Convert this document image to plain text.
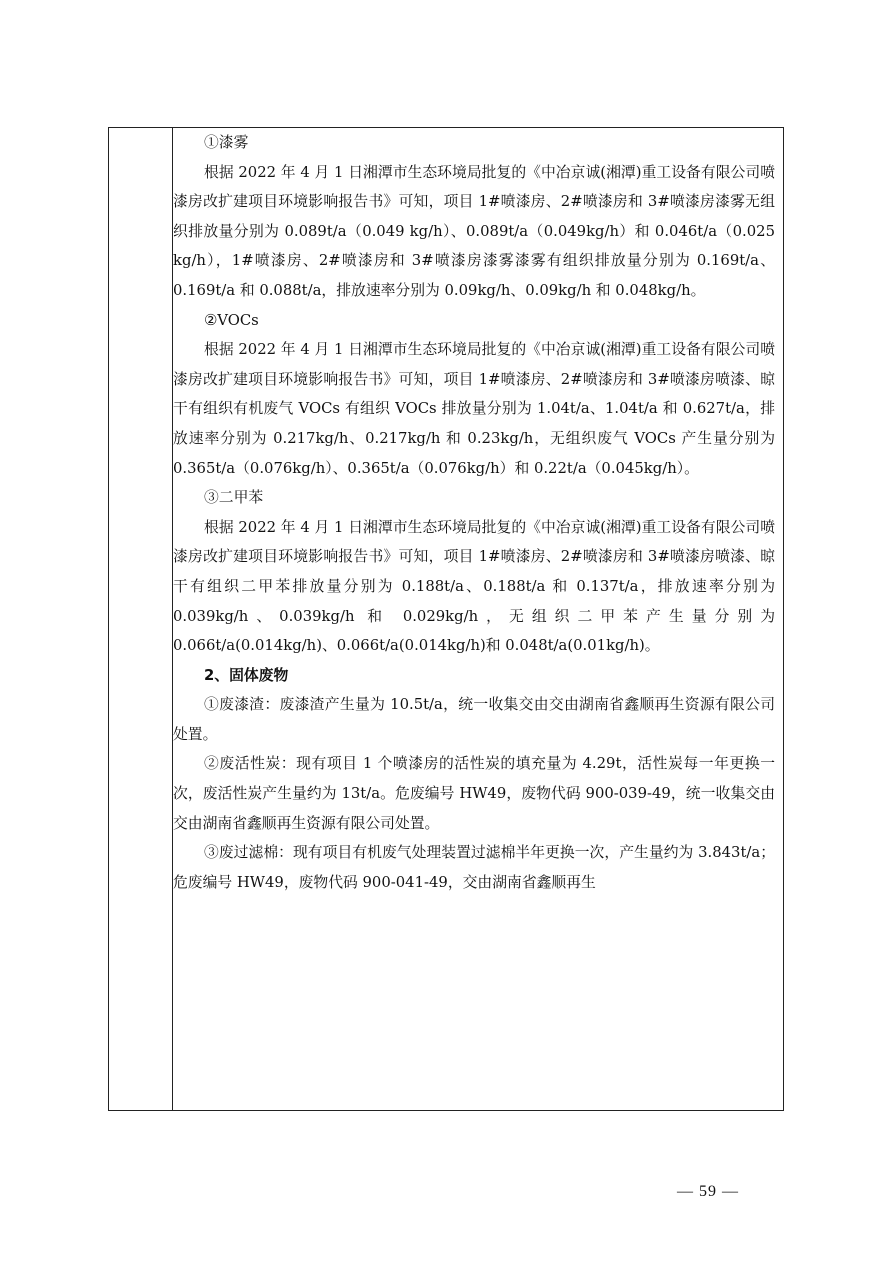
①漆雾

根据 2022 年 4 月 1 日湘潭市生态环境局批复的《中冶京诚(湘潭)重工设备有限公司喷漆房改扩建项目环境影响报告书》可知，项目 1#喷漆房、2#喷漆房和 3#喷漆房漆雾无组织排放量分别为 0.089t/a（0.049 kg/h）、0.089t/a（0.049kg/h）和 0.046t/a（0.025 kg/h），1#喷漆房、2#喷漆房和 3#喷漆房漆雾漆雾有组织排放量分别为 0.169t/a、0.169t/a 和 0.088t/a，排放速率分别为 0.09kg/h、0.09kg/h 和 0.048kg/h。

②VOCs

根据 2022 年 4 月 1 日湘潭市生态环境局批复的《中冶京诚(湘潭)重工设备有限公司喷漆房改扩建项目环境影响报告书》可知，项目 1#喷漆房、2#喷漆房和 3#喷漆房喷漆、晾干有组织有机废气 VOCs 有组织 VOCs 排放量分别为 1.04t/a、1.04t/a 和 0.627t/a，排放速率分别为 0.217kg/h、0.217kg/h 和 0.23kg/h，无组织废气 VOCs 产生量分别为 0.365t/a（0.076kg/h）、0.365t/a（0.076kg/h）和 0.22t/a（0.045kg/h）。

③二甲苯

根据 2022 年 4 月 1 日湘潭市生态环境局批复的《中冶京诚(湘潭)重工设备有限公司喷漆房改扩建项目环境影响报告书》可知，项目 1#喷漆房、2#喷漆房和 3#喷漆房喷漆、晾干有组织二甲苯排放量分别为 0.188t/a、0.188t/a 和 0.137t/a，排放速率分别为 0.039kg/h、0.039kg/h 和 0.029kg/h，无组织二甲苯产生量分别为 0.066t/a(0.014kg/h)、0.066t/a(0.014kg/h)和 0.048t/a(0.01kg/h)。

2、固体废物

①废漆渣：废漆渣产生量为 10.5t/a，统一收集交由交由湖南省鑫顺再生资源有限公司处置。

②废活性炭：现有项目 1 个喷漆房的活性炭的填充量为 4.29t，活性炭每一年更换一次，废活性炭产生量约为 13t/a。危废编号 HW49，废物代码 900-039-49，统一收集交由交由湖南省鑫顺再生资源有限公司处置。

③废过滤棉：现有项目有机废气处理装置过滤棉半年更换一次，产生量约为 3.843t/a；危废编号 HW49，废物代码 900-041-49，交由湖南省鑫顺再生

— 59 —
